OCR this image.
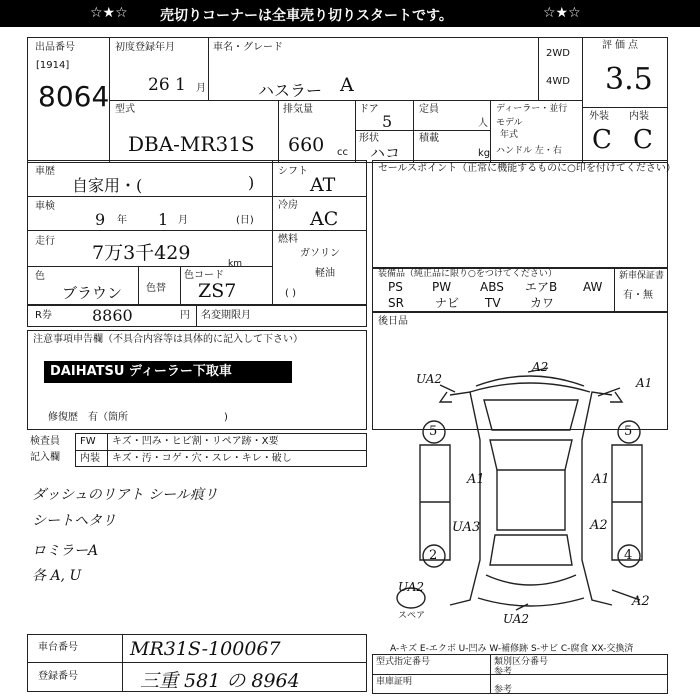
☆★☆ 売切りコーナーは全車売り切りスタートです。	☆★☆
出品番号
[1914]
8064
初度登録年月
26 1 月
車名・グレード
ハスラー A
2WD
4WD
評価点
3.5
外装 内装
C C
型式
DBA-MR31S
排気量
660 cc
ドア
5
形状
ハコ
定員
人
積載
kg
ディーラー・並行
モデル
年式
ハンドル 左・右
車歴
自家用・(	)
車検
9 年 1 月	(日)
走行
7万3千429	km
色
ブラウン 色替
色コード
ZS7
シフト
AT
冷房
AC
燃料
ガソリン
軽油
( )
R券	8860	円 名変期限月
セールスポイント（正常に機能するものに○印を付けてください）
装備品（純正品に限り○をつけてください）	新車保証書
有・無
PS PW ABS エアB AW
SR	ナビ TV カワ
後日品
注意事項申告欄（不具合内容等は具体的に記入して下さい）
DAIHATSU ディーラー下取車
修復歴　有（箇所	)
検査員
記入欄
FW キズ・凹み・ヒビ割・リペア跡・X要
内装 キズ・汚・コゲ・穴・スレ・キレ・破し
ダッシュのリアト シール痕リ
シートヘタリ
ロミラーA
各 A, U
UA2
A2
A1
A1	A1
UA3	A2
UA2
UA2
A2
スペア
5	5
2	4
A-キズ E-エクボ U-凹み W-補修跡 S-サビ C-腐食 XX-交換済
車台番号	MR31S-100067
登録番号	三重 581 の 8964
型式指定番号	類別区分番号
車庫証明
参考
参考
